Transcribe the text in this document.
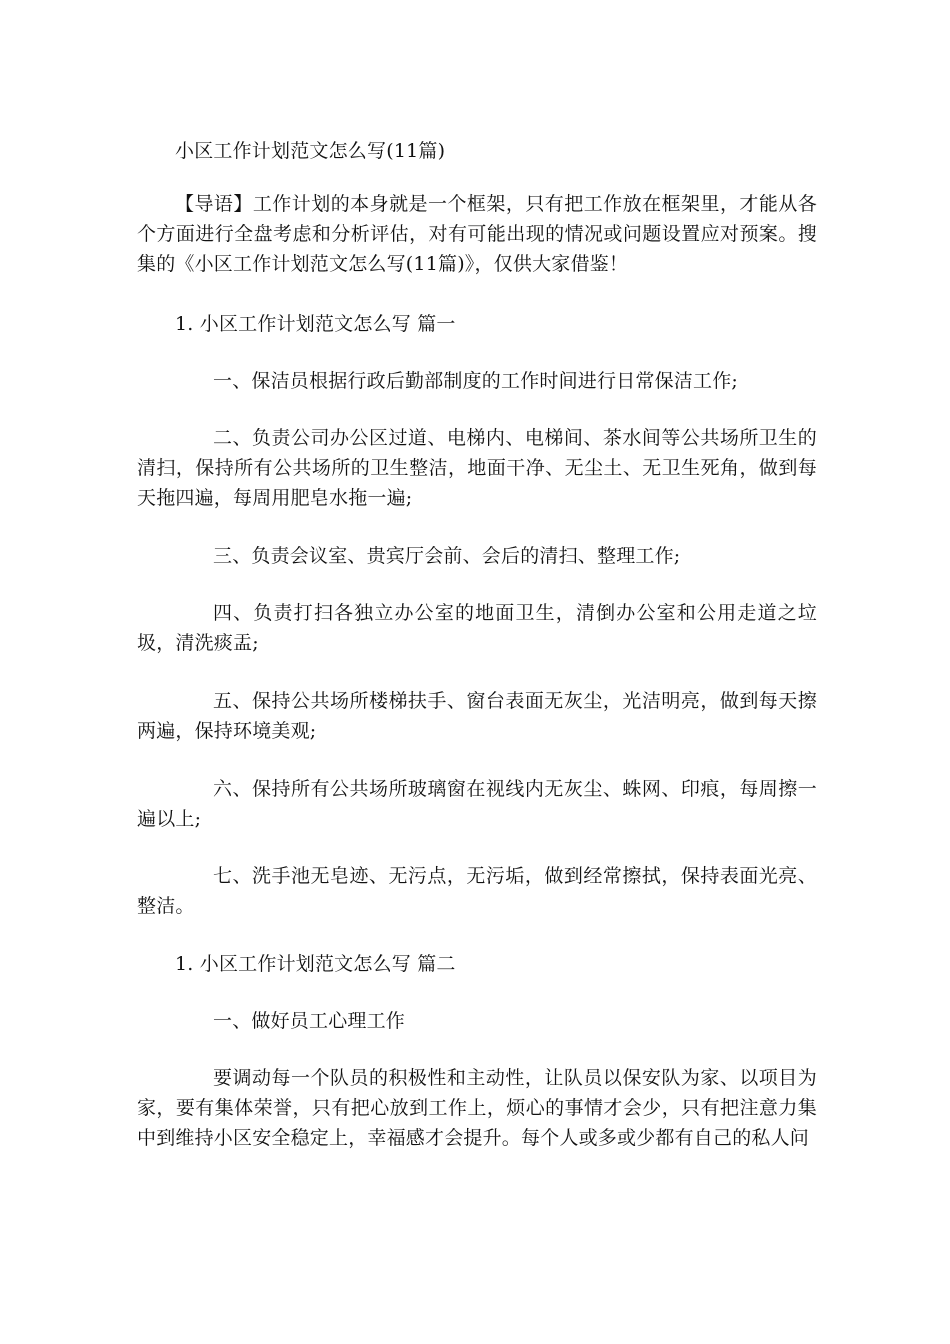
小区工作计划范文怎么写(11篇)

【导语】工作计划的本身就是一个框架，只有把工作放在框架里，才能从各个方面进行全盘考虑和分析评估，对有可能出现的情况或问题设置应对预案。搜集的《小区工作计划范文怎么写(11篇)》，仅供大家借鉴！

1. 小区工作计划范文怎么写 篇一

一、保洁员根据行政后勤部制度的工作时间进行日常保洁工作;

二、负责公司办公区过道、电梯内、电梯间、茶水间等公共场所卫生的清扫，保持所有公共场所的卫生整洁，地面干净、无尘土、无卫生死角，做到每天拖四遍，每周用肥皂水拖一遍;

三、负责会议室、贵宾厅会前、会后的清扫、整理工作;

四、负责打扫各独立办公室的地面卫生，清倒办公室和公用走道之垃圾，清洗痰盂;

五、保持公共场所楼梯扶手、窗台表面无灰尘，光洁明亮，做到每天擦两遍，保持环境美观;

六、保持所有公共场所玻璃窗在视线内无灰尘、蛛网、印痕，每周擦一遍以上;

七、洗手池无皂迹、无污点，无污垢，做到经常擦拭，保持表面光亮、整洁。

1. 小区工作计划范文怎么写 篇二

一、做好员工心理工作

要调动每一个队员的积极性和主动性，让队员以保安队为家、以项目为家，要有集体荣誉，只有把心放到工作上，烦心的事情才会少，只有把注意力集中到维持小区安全稳定上，幸福感才会提升。每个人或多或少都有自己的私人问
